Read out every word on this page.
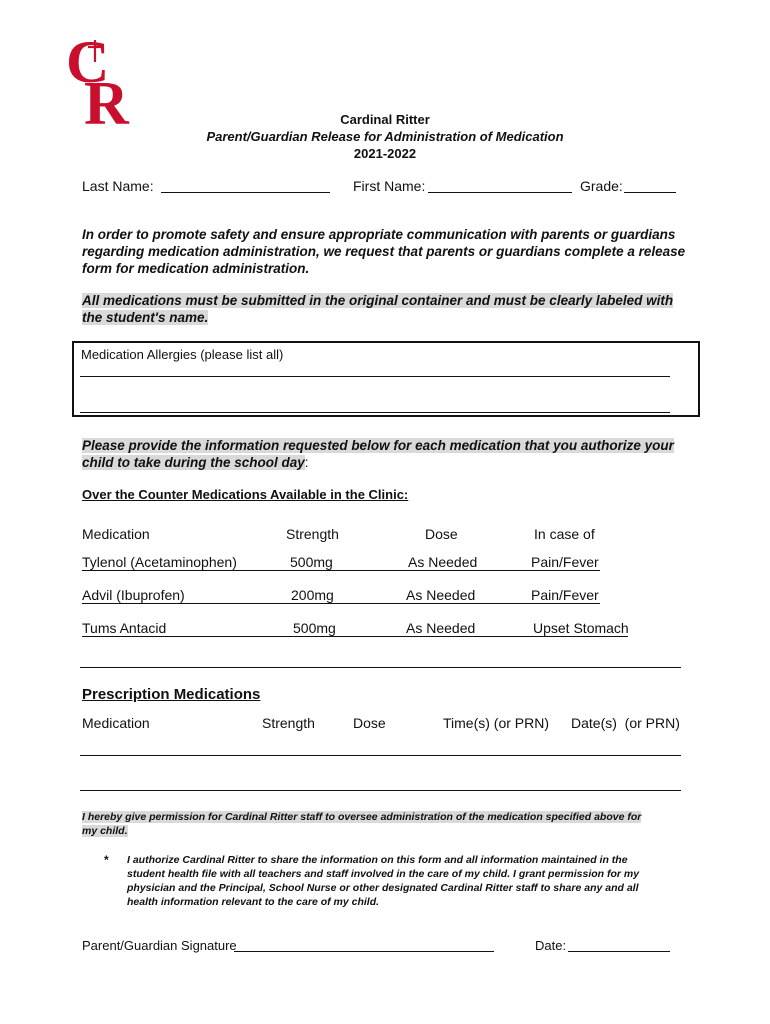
C
R	Cardinal Ritter
Parent/Guardian Release for Administration of Medication
2021-2022
Last Name:	First Name:	Grade:
In order to promote safety and ensure appropriate communication with parents or guardians regarding medication administration, we request that parents or guardians complete a release form for medication administration.
All medications must be submitted in the original container and must be clearly labeled with
the student's name.
Medication Allergies (please list all)
Please provide the information requested below for each medication that you authorize your
child to take during the school day:
Over the Counter Medications Available in the Clinic:
Medication	Strength	Dose	In case of
Tylenol (Acetaminophen)	500mg	As Needed	Pain/Fever
Advil (Ibuprofen)	200mg	As Needed	Pain/Fever
Tums Antacid	500mg	As Needed	Upset Stomach
Prescription Medications
Medication	Strength	Dose	Time(s) (or PRN) Date(s)  (or PRN)
I hereby give permission for Cardinal Ritter staff to oversee administration of the medication specified above for
my child.
* I authorize Cardinal Ritter to share the information on this form and all information maintained in the
student health file with all teachers and staff involved in the care of my child. I grant permission for my
physician and the Principal, School Nurse or other designated Cardinal Ritter staff to share any and all
health information relevant to the care of my child.
Parent/Guardian Signature	Date:
